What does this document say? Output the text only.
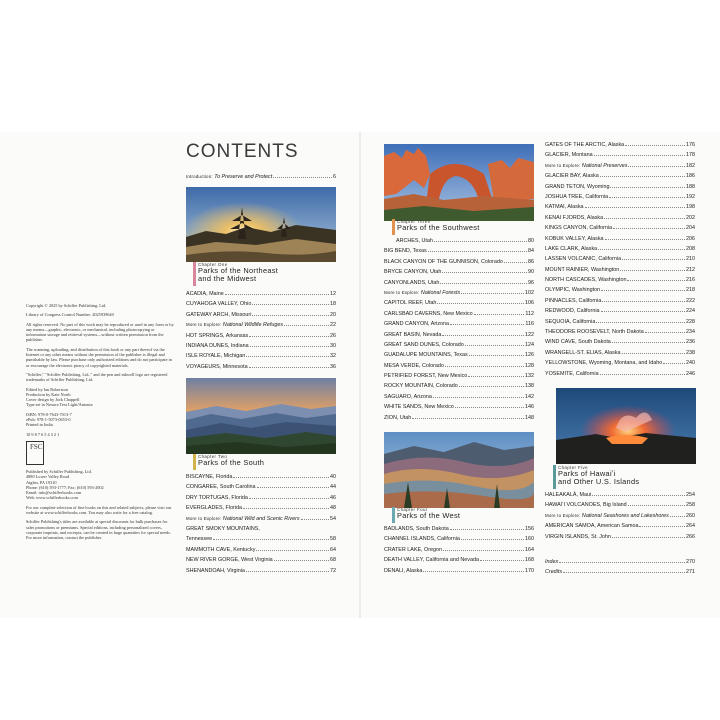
Copyright © 2025 by Schiffer Publishing, Ltd.

Library of Congress Control Number: 2025939640

All rights reserved. No part of this work may be reproduced or used in any form or by any means—graphic, electronic, or mechanical, including photocopying or information storage and retrieval systems—without written permission from the publisher.

The scanning, uploading, and distribution of this book or any part thereof via the Internet or any other means without the permission of the publisher is illegal and punishable by law. Please purchase only authorized editions and do not participate in or encourage the electronic piracy of copyrighted materials.

"Schiffer," "Schiffer Publishing, Ltd.," and the pen and inkwell logo are registered trademarks of Schiffer Publishing, Ltd.

Edited by Ian Robertson
Production by Kate North
Cover design by Jack Chappell
Type set in Nexora Text Light/Antonia

ISBN: 978-0-7643-7013-7
ePub: 978-1-5073-0653-0
Printed in India

10 9 8 7 6 5 4 3 2 1

FSC

Published by Schiffer Publishing, Ltd.
4880 Lower Valley Road
Atglen, PA 19310
Phone: (610) 593-1777; Fax: (610) 593-2002
Email: info@schifferbooks.com
Web: www.schifferbooks.com

For our complete selection of fine books on this and related subjects, please visit our website at www.schifferbooks.com. You may also write for a free catalog.

Schiffer Publishing's titles are available at special discounts for bulk purchases for sales promotions or premiums. Special editions, including personalized covers, corporate imprints, and excerpts, can be created in large quantities for special needs. For more information, contact the publisher.

CONTENTS
Introduction: To Preserve and Protect	6
Chapter One
Parks of the Northeast
and the Midwest
ACADIA, Maine	12
CUYAHOGA VALLEY, Ohio	18
GATEWAY ARCH, Missouri	20
More to Explore: National Wildlife Refuges	22
HOT SPRINGS, Arkansas	26
INDIANA DUNES, Indiana	30
ISLE ROYALE, Michigan	32
VOYAGEURS, Minnesota	36
Chapter Two
Parks of the South
BISCAYNE, Florida	40
CONGAREE, South Carolina	44
DRY TORTUGAS, Florida	46
EVERGLADES, Florida	48
More to Explore: National Wild and Scenic Rivers	54
GREAT SMOKY MOUNTAINS,
Tennessee	58
MAMMOTH CAVE, Kentucky	64
NEW RIVER GORGE, West Virginia	68
SHENANDOAH, Virginia	72
Chapter Three
Parks of the Southwest
ARCHES, Utah	80
BIG BEND, Texas	84
BLACK CANYON OF THE GUNNISON, Colorado	86
BRYCE CANYON, Utah	90
CANYONLANDS, Utah	96
More to Explore: National Forests	102
CAPITOL REEF, Utah	106
CARLSBAD CAVERNS, New Mexico	112
GRAND CANYON, Arizona	116
GREAT BASIN, Nevada	122
GREAT SAND DUNES, Colorado	124
GUADALUPE MOUNTAINS, Texas	126
MESA VERDE, Colorado	128
PETRIFIED FOREST, New Mexico	132
ROCKY MOUNTAIN, Colorado	138
SAGUARO, Arizona	142
WHITE SANDS, New Mexico	146
ZION, Utah	148
Chapter Four
Parks of the West
BADLANDS, South Dakota	156
CHANNEL ISLANDS, California	160
CRATER LAKE, Oregon	164
DEATH VALLEY, California and Nevada	168
DENALI, Alaska	170
GATES OF THE ARCTIC, Alaska	176
GLACIER, Montana	178
More to Explore: National Preserves	182
GLACIER BAY, Alaska	186
GRAND TETON, Wyoming	188
JOSHUA TREE, California	192
KATMAI, Alaska	198
KENAI FJORDS, Alaska	202
KINGS CANYON, California	204
KOBUK VALLEY, Alaska	206
LAKE CLARK, Alaska	208
LASSEN VOLCANIC, California	210
MOUNT RAINIER, Washington	212
NORTH CASCADES, Washington	216
OLYMPIC, Washington	218
PINNACLES, California	222
REDWOOD, California	224
SEQUOIA, California	228
THEODORE ROOSEVELT, North Dakota	234
WIND CAVE, South Dakota	236
WRANGELL-ST. ELIAS, Alaska	238
YELLOWSTONE, Wyoming, Montana, and Idaho	240
YOSEMITE, California	246
Chapter Five
Parks of Hawaiʻi
and Other U.S. Islands
HALEAKALĀ, Maui	254
HAWAIʻI VOLCANOES, Big Island	258
More to Explore: National Seashores and Lakeshores	260
AMERICAN SAMOA, American Samoa	264
VIRGIN ISLANDS, St. John	266
Index	270
Credits	271
